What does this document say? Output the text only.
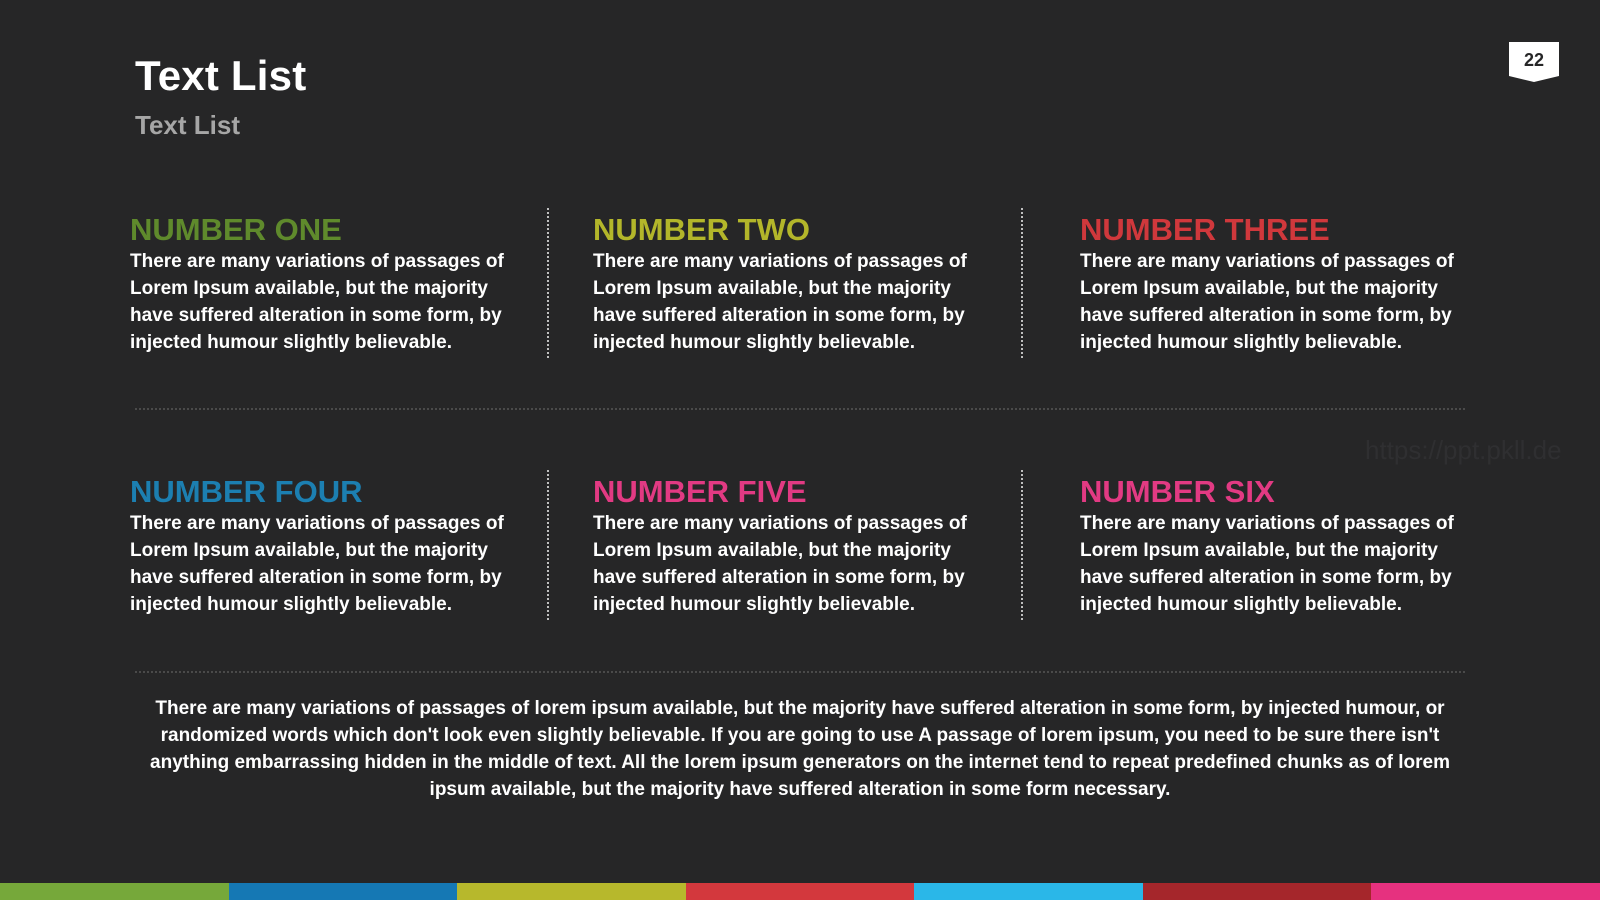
Text List
Text List
22
https://ppt.pkll.de
NUMBER ONE
There are many variations of passages of Lorem Ipsum available, but the majority have suffered alteration in some form, by injected humour slightly believable.
NUMBER TWO
There are many variations of passages of Lorem Ipsum available, but the majority have suffered alteration in some form, by injected humour slightly believable.
NUMBER THREE
There are many variations of passages of Lorem Ipsum available, but the majority have suffered alteration in some form, by injected humour slightly believable.
NUMBER FOUR
There are many variations of passages of Lorem Ipsum available, but the majority have suffered alteration in some form, by injected humour slightly believable.
NUMBER FIVE
There are many variations of passages of Lorem Ipsum available, but the majority have suffered alteration in some form, by injected humour slightly believable.
NUMBER SIX
There are many variations of passages of Lorem Ipsum available, but the majority have suffered alteration in some form, by injected humour slightly believable.
There are many variations of passages of lorem ipsum available, but the majority have suffered alteration in some form, by injected humour, or randomized words which don't look even slightly believable. If you are going to use A passage of lorem ipsum, you need to be sure there isn't anything embarrassing hidden in the middle of text. All the lorem ipsum generators on the internet tend to repeat predefined chunks as of lorem ipsum available, but the majority have suffered alteration in some form necessary.
